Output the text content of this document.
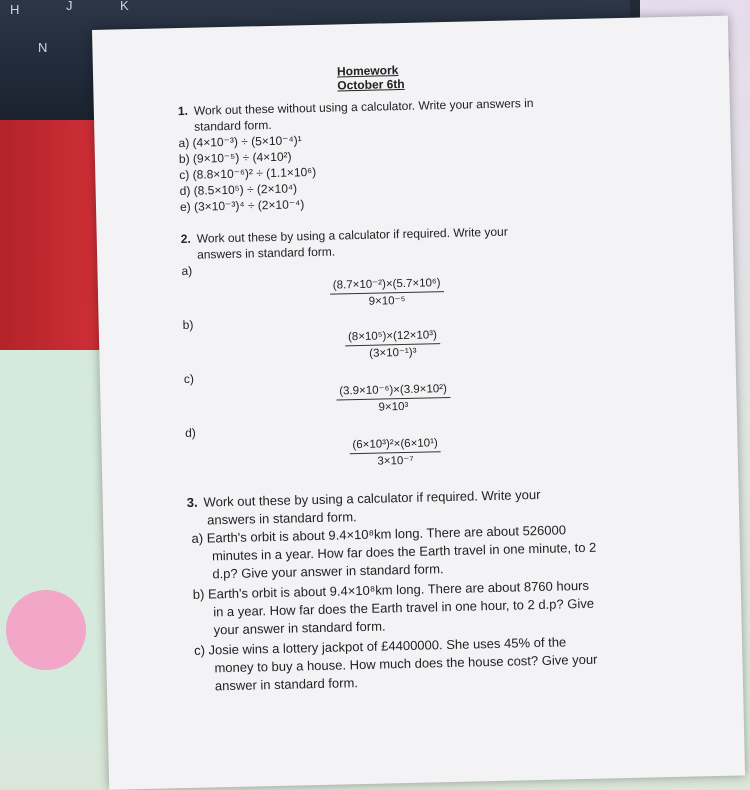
H	J	K
N
Homework
October 6th
1. Work out these without using a calculator. Write your answers in
standard form.
a) (4×10⁻³) ÷ (5×10⁻⁴)¹
b) (9×10⁻⁵) ÷ (4×10²)
c) (8.8×10⁻⁶)² ÷ (1.1×10⁶)
d) (8.5×10⁵) ÷ (2×10⁴)
e) (3×10⁻³)⁴ ÷ (2×10⁻⁴)
2. Work out these by using a calculator if required. Write your
answers in standard form.
a)
$\frac{\text{(8.7×10⁻²)×(5.7×10⁶)}}{\text{9×10⁻⁵}}$
b)
$\frac{\text{(8×10⁵)×(12×10³)}}{\text{(3×10⁻¹)³}}$
c)
$\frac{\text{(3.9×10⁻⁶)×(3.9×10²)}}{\text{9×10³}}$
d)
$\frac{\text{(6×10³)²×(6×10¹)}}{\text{3×10⁻⁷}}$
3. Work out these by using a calculator if required. Write your
answers in standard form.
a) Earth's orbit is about 9.4×10⁸km long. There are about 526000
minutes in a year. How far does the Earth travel in one minute, to 2
d.p? Give your answer in standard form.
b) Earth's orbit is about 9.4×10⁸km long. There are about 8760 hours
in a year. How far does the Earth travel in one hour, to 2 d.p? Give
your answer in standard form.
c) Josie wins a lottery jackpot of £4400000. She uses 45% of the
money to buy a house. How much does the house cost? Give your
answer in standard form.
